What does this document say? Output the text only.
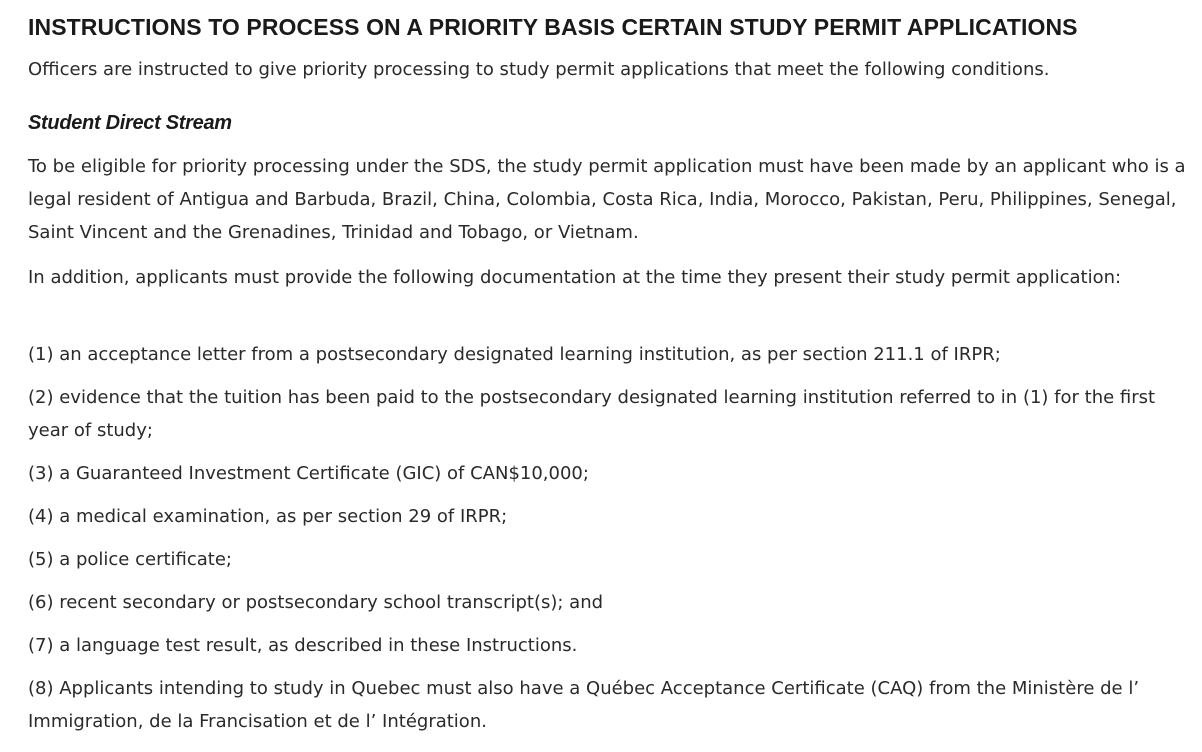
INSTRUCTIONS TO PROCESS ON A PRIORITY BASIS CERTAIN STUDY PERMIT APPLICATIONS

Officers are instructed to give priority processing to study permit applications that meet the following conditions.

Student Direct Stream

To be eligible for priority processing under the SDS, the study permit application must have been made by an applicant who is a legal resident of Antigua and Barbuda, Brazil, China, Colombia, Costa Rica, India, Morocco, Pakistan, Peru, Philippines, Senegal, Saint Vincent and the Grenadines, Trinidad and Tobago, or Vietnam.

In addition, applicants must provide the following documentation at the time they present their study permit application:

(1) an acceptance letter from a postsecondary designated learning institution, as per section 211.1 of IRPR;

(2) evidence that the tuition has been paid to the postsecondary designated learning institution referred to in (1) for the first year of study;

(3) a Guaranteed Investment Certificate (GIC) of CAN$10,000;

(4) a medical examination, as per section 29 of IRPR;

(5) a police certificate;

(6) recent secondary or postsecondary school transcript(s); and

(7) a language test result, as described in these Instructions.

(8) Applicants intending to study in Quebec must also have a Québec Acceptance Certificate (CAQ) from the Ministère de l’ Immigration, de la Francisation et de l’ Intégration.
